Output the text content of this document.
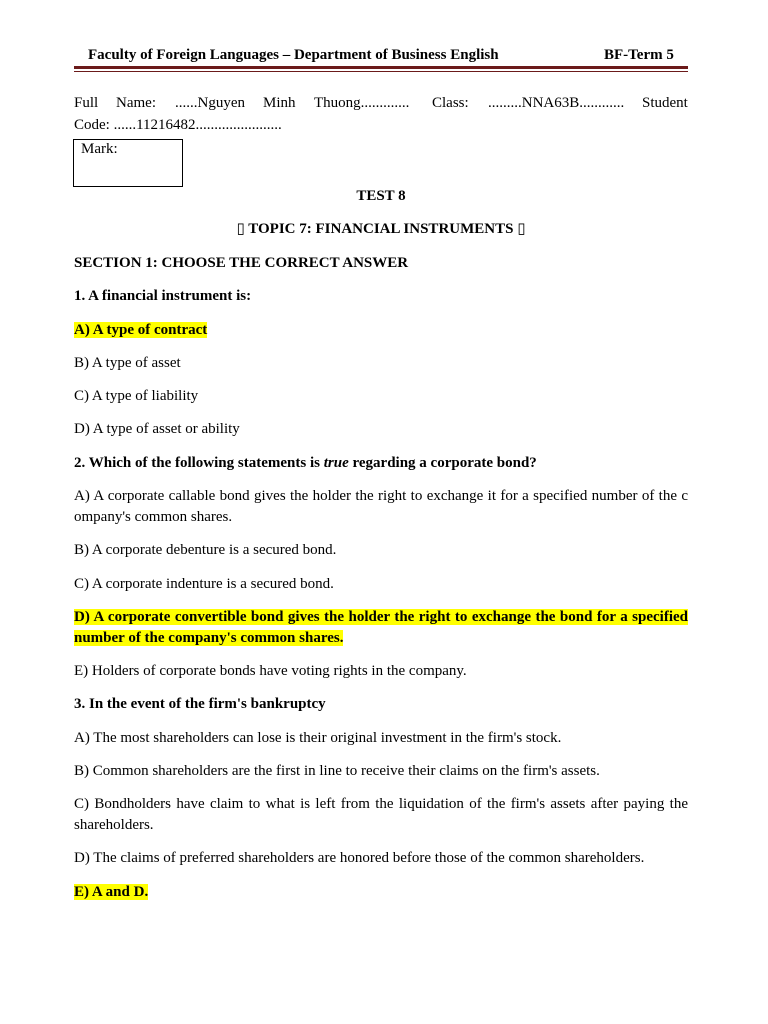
Faculty of Foreign Languages – Department of Business English	BF-Term 5
Full Name: ......Nguyen Minh Thuong............. Class: .........NNA63B............ Student
Code: ......11216482.......................
Mark:
TEST 8
▯ TOPIC 7: FINANCIAL INSTRUMENTS ▯
SECTION 1: CHOOSE THE CORRECT ANSWER
1. A financial instrument is:
A) A type of contract
B) A type of asset
C) A type of liability
D) A type of asset or ability
2. Which of the following statements is true regarding a corporate bond?
A) A corporate callable bond gives the holder the right to exchange it for a specified number of the c ompany's common shares.
B) A corporate debenture is a secured bond.
C) A corporate indenture is a secured bond.
D) A corporate convertible bond gives the holder the right to exchange the bond for a specified number of the company's common shares.
E) Holders of corporate bonds have voting rights in the company.
3. In the event of the firm's bankruptcy
A) The most shareholders can lose is their original investment in the firm's stock.
B) Common shareholders are the first in line to receive their claims on the firm's assets.
C) Bondholders have claim to what is left from the liquidation of the firm's assets after paying the shareholders.
D) The claims of preferred shareholders are honored before those of the common shareholders.
E) A and D.
